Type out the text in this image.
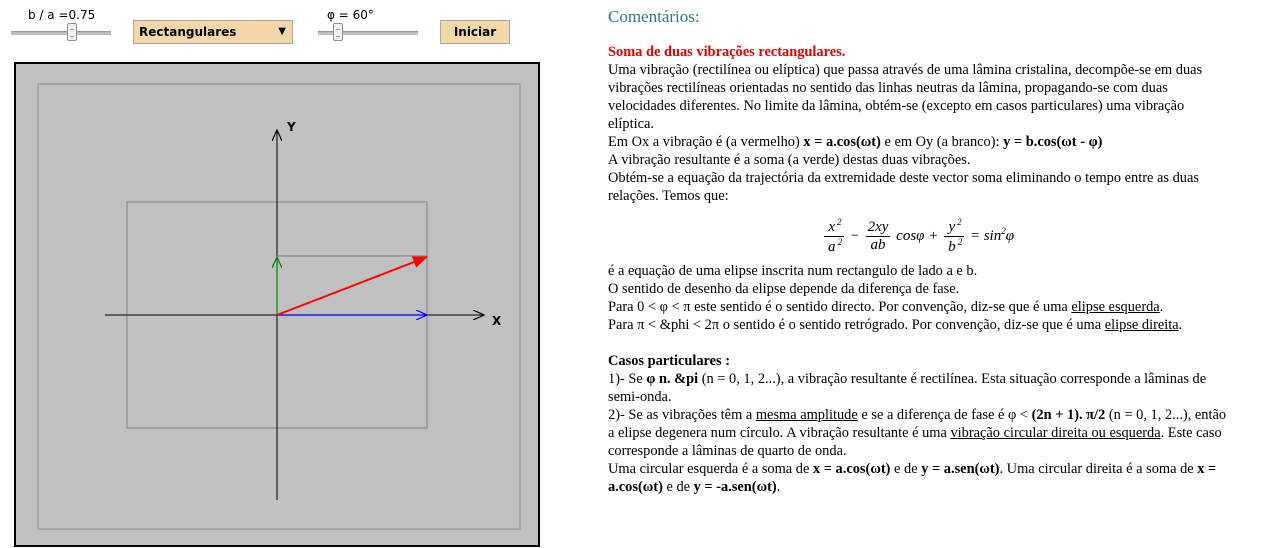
b / a =0.75
Rectangulares	▼
φ = 60°
Iniciar
Y
X
Comentários:

Soma de duas vibrações rectangulares.

Uma vibração (rectilínea ou elíptica) que passa através de uma lâmina cristalina, decompõe-se em duas vibrações rectilíneas orientadas no sentido das linhas neutras da lâmina, propagando-se com duas velocidades diferentes. No limite da lâmina, obtém-se (excepto em casos particulares) uma vibração elíptica.

Em Ox a vibração é (a vermelho) x = a.cos(ωt) e em Oy (a branco): y = b.cos(ωt - φ)

A vibração resultante é a soma (a verde) destas duas vibrações.

Obtém-se a equação da trajectória da extremidade deste vector soma eliminando o tempo entre as duas relações. Temos que:

$\frac{x ^2}{a ^2} - \frac{2xy}{ab}$ $\cos\varphi + \frac{y ^2}{b ^2} = \sin^2\varphi$

é a equação de uma elipse inscrita num rectangulo de lado a e b.

O sentido de desenho da elipse depende da diferença de fase.

Para 0 < φ < π este sentido é o sentido directo. Por convenção, diz-se que é uma elipse esquerda.

Para π < &phi < 2π o sentido é o sentido retrógrado. Por convenção, diz-se que é uma elipse direita.

Casos particulares :

1)- Se φ n. &pi (n = 0, 1, 2...), a vibração resultante é rectilínea. Esta situação corresponde a lâminas de semi-onda.

2)- Se as vibrações têm a mesma amplitude e se a diferença de fase é φ < (2n + 1). π/2 (n = 0, 1, 2...), então a elipse degenera num círculo. A vibração resultante é uma vibração circular direita ou esquerda. Este caso corresponde a lâminas de quarto de onda.

Uma circular esquerda é a soma de x = a.cos(ωt) e de y = a.sen(ωt). Uma circular direita é a soma de x = a.cos(ωt) e de y = -a.sen(ωt).
